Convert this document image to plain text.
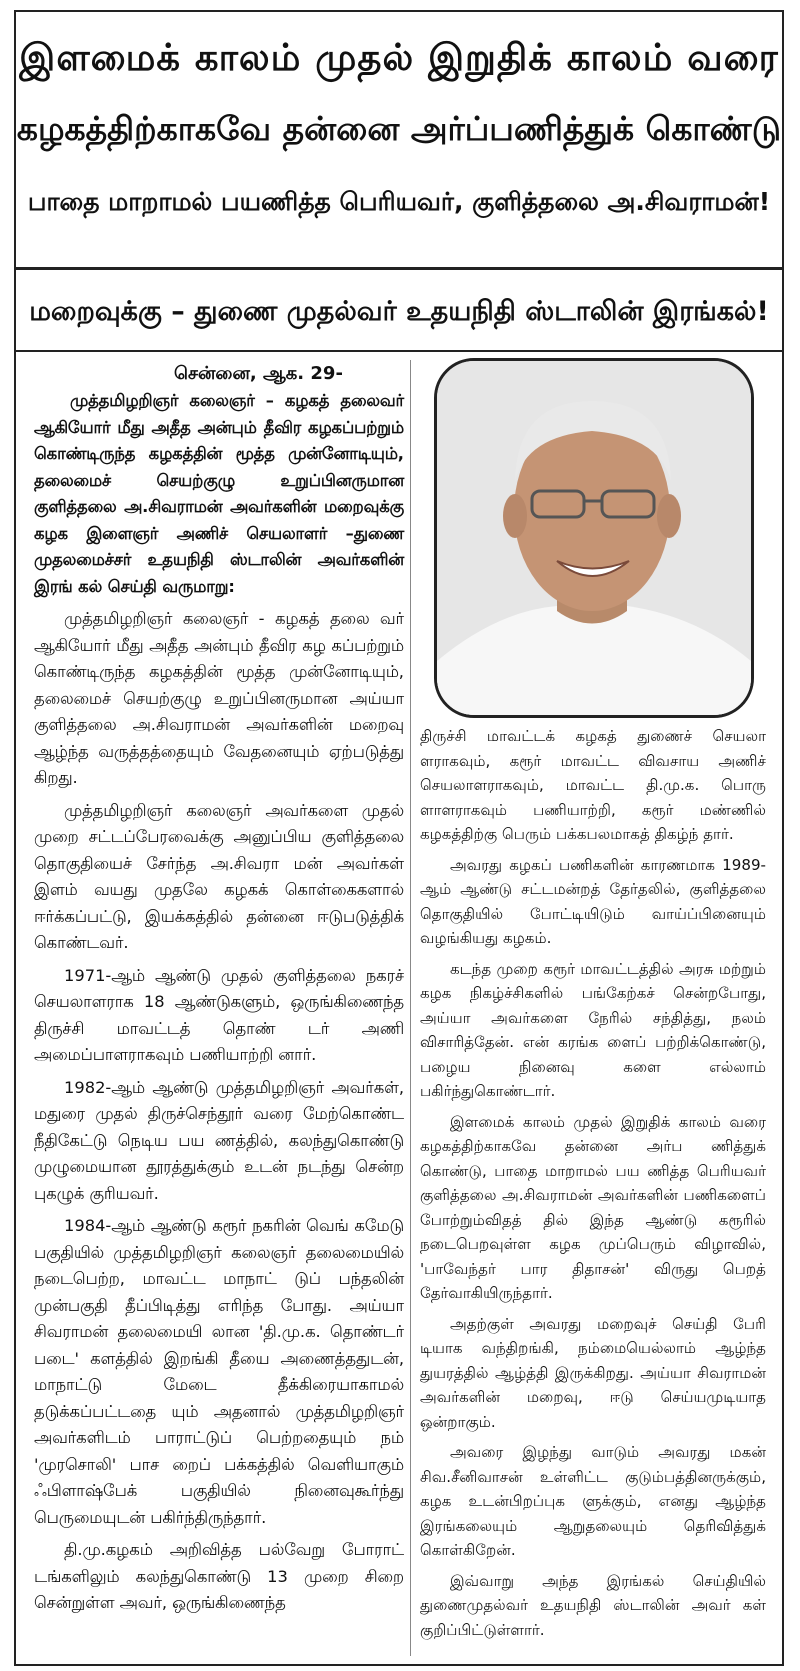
இளமைக் காலம் முதல் இறுதிக் காலம் வரை
கழகத்திற்காகவே தன்னை அர்ப்பணித்துக் கொண்டு
பாதை மாறாமல் பயணித்த பெரியவர், குளித்தலை அ.சிவராமன்!
மறைவுக்கு – துணை முதல்வர் உதயநிதி ஸ்டாலின் இரங்கல்!
சென்னை, ஆக. 29-

முத்தமிழறிஞர் கலைஞர் – கழகத் தலைவர் ஆகியோர் மீது அதீத அன்பும் தீவிர கழகப்பற்றும் கொண்டிருந்த கழகத்தின் மூத்த முன்னோடியும், தலைமைச் செயற்குழு உறுப்பினருமான குளித்தலை அ.சிவராமன் அவர்களின் மறைவுக்கு கழக இளைஞர் அணிச் செயலாளர் –துணை முதலமைச்சர் உதயநிதி ஸ்டாலின் அவர்களின் இரங் கல் செய்தி வருமாறு:

முத்தமிழறிஞர் கலைஞர் - கழகத் தலை வர் ஆகியோர் மீது அதீத அன்பும் தீவிர கழ கப்பற்றும் கொண்டிருந்த கழகத்தின் மூத்த முன்னோடியும், தலைமைச் செயற்குழு உறுப்பினருமான அய்யா குளித்தலை அ.சிவராமன் அவர்களின் மறைவு ஆழ்ந்த வருத்தத்தையும் வேதனையும் ஏற்படுத்து கிறது.

முத்தமிழறிஞர் கலைஞர் அவர்களை முதல் முறை சட்டப்பேரவைக்கு அனுப்பிய குளித்தலை தொகுதியைச் சேர்ந்த அ.சிவரா மன் அவர்கள் இளம் வயது முதலே கழகக் கொள்கைகளால் ஈர்க்கப்பட்டு, இயக்கத்தில் தன்னை ஈடுபடுத்திக் கொண்டவர்.

1971-ஆம் ஆண்டு முதல் குளித்தலை நகரச் செயலாளராக 18 ஆண்டுகளும், ஒருங்கிணைந்த திருச்சி மாவட்டத் தொண் டர் அணி அமைப்பாளராகவும் பணியாற்றி னார்.

1982-ஆம் ஆண்டு முத்தமிழறிஞர் அவர்கள், மதுரை முதல் திருச்செந்தூர் வரை மேற்கொண்ட நீதிகேட்டு நெடிய பய ணத்தில், கலந்துகொண்டு முழுமையான தூரத்துக்கும் உடன் நடந்து சென்ற புகழுக் குரியவர்.

1984-ஆம் ஆண்டு கரூர் நகரின் வெங் கமேடு பகுதியில் முத்தமிழறிஞர் கலைஞர் தலைமையில் நடைபெற்ற, மாவட்ட மாநாட் டுப் பந்தலின் முன்பகுதி தீப்பிடித்து எரிந்த போது. அய்யா சிவராமன் தலைமையி லான 'தி.மு.க. தொண்டர் படை' களத்தில் இறங்கி தீயை அணைத்ததுடன், மாநாட்டு மேடை தீக்கிரையாகாமல் தடுக்கப்பட்டதை யும் அதனால் முத்தமிழறிஞர் அவர்களிடம் பாராட்டுப் பெற்றதையும் நம் 'முரசொலி' பாச றைப் பக்கத்தில் வெளியாகும் ஃபிளாஷ்பேக் பகுதியில் நினைவுகூர்ந்து பெருமையுடன் பகிர்ந்திருந்தார்.

தி.மு.கழகம் அறிவித்த பல்வேறு போராட் டங்களிலும் கலந்துகொண்டு 13 முறை சிறை சென்றுள்ள அவர், ஒருங்கிணைந்த

திருச்சி மாவட்டக் கழகத் துணைச் செயலா ளராகவும், கரூர் மாவட்ட விவசாய அணிச் செயலாளராகவும், மாவட்ட தி.மு.க. பொரு ளாளராகவும் பணியாற்றி, கரூர் மண்ணில் கழகத்திற்கு பெரும் பக்கபலமாகத் திகழ்ந் தார்.

அவரது கழகப் பணிகளின் காரணமாக 1989-ஆம் ஆண்டு சட்டமன்றத் தேர்தலில், குளித்தலை தொகுதியில் போட்டியிடும் வாய்ப்பினையும் வழங்கியது கழகம்.

கடந்த முறை கரூர் மாவட்டத்தில் அரசு மற்றும் கழக நிகழ்ச்சிகளில் பங்கேற்கச் சென்றபோது, அய்யா அவர்களை நேரில் சந்தித்து, நலம் விசாரித்தேன். என் கரங்க ளைப் பற்றிக்கொண்டு, பழைய நினைவு களை எல்லாம் பகிர்ந்துகொண்டார்.

இளமைக் காலம் முதல் இறுதிக் காலம் வரை கழகத்திற்காகவே தன்னை அர்ப ணித்துக் கொண்டு, பாதை மாறாமல் பய ணித்த பெரியவர் குளித்தலை அ.சிவராமன் அவர்களின் பணிகளைப் போற்றும்விதத் தில் இந்த ஆண்டு கரூரில் நடைபெறவுள்ள கழக முப்பெரும் விழாவில், 'பாவேந்தர் பார திதாசன்' விருது பெறத் தேர்வாகியிருந்தார்.

அதற்குள் அவரது மறைவுச் செய்தி பேரி டியாக வந்திறங்கி, நம்மையெல்லாம் ஆழ்ந்த துயரத்தில் ஆழ்த்தி இருக்கிறது. அய்யா சிவராமன் அவர்களின் மறைவு, ஈடு செய்யமுடியாத ஒன்றாகும்.

அவரை இழந்து வாடும் அவரது மகன் சிவ.சீனிவாசன் உள்ளிட்ட குடும்பத்தினருக்கும், கழக உடன்பிறப்புக ளுக்கும், எனது ஆழ்ந்த இரங்கலையும் ஆறுதலையும் தெரிவித்துக் கொள்கிறேன்.

இவ்வாறு அந்த இரங்கல் செய்தியில் துணைமுதல்வர் உதயநிதி ஸ்டாலின் அவர் கள் குறிப்பிட்டுள்ளார்.
